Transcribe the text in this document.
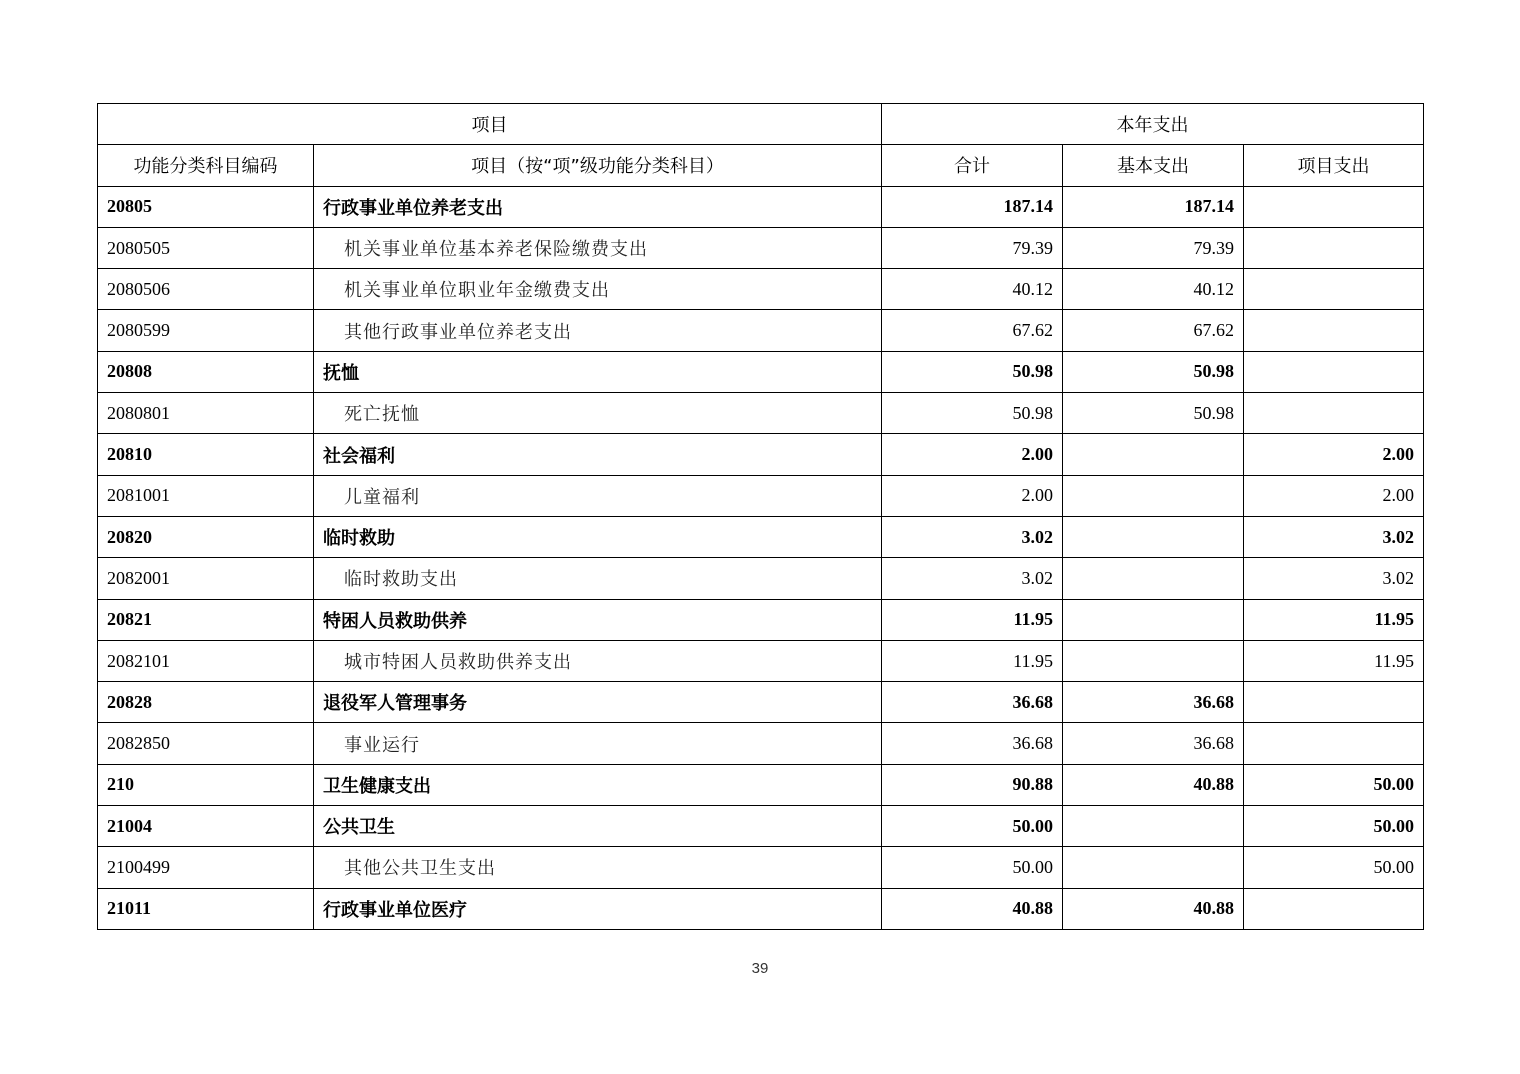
项目		本年支出		
功能分类科目编码	项目（按“项”级功能分类科目）	合计	基本支出	项目支出
20805	行政事业单位养老支出	187.14	187.14	
2080505	机关事业单位基本养老保险缴费支出	79.39	79.39	
2080506	机关事业单位职业年金缴费支出	40.12	40.12	
2080599	其他行政事业单位养老支出	67.62	67.62	
20808	抚恤	50.98	50.98	
2080801	死亡抚恤	50.98	50.98	
20810	社会福利	2.00		2.00
2081001	儿童福利	2.00		2.00
20820	临时救助	3.02		3.02
2082001	临时救助支出	3.02		3.02
20821	特困人员救助供养	11.95		11.95
2082101	城市特困人员救助供养支出	11.95		11.95
20828	退役军人管理事务	36.68	36.68	
2082850	事业运行	36.68	36.68	
210	卫生健康支出	90.88	40.88	50.00
21004	公共卫生	50.00		50.00
2100499	其他公共卫生支出	50.00		50.00
21011	行政事业单位医疗	40.88	40.88	
39
